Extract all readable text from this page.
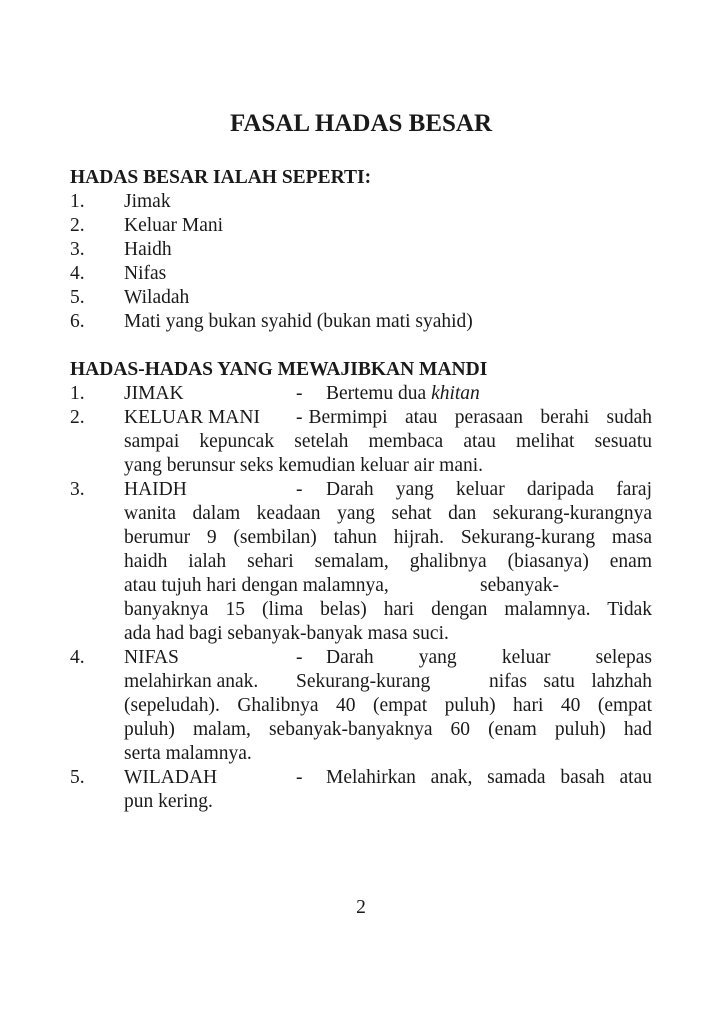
FASAL HADAS BESAR
HADAS BESAR IALAH SEPERTI:
1. Jimak
2. Keluar Mani
3. Haidh
4. Nifas
5. Wiladah
6. Mati yang bukan syahid (bukan mati syahid)
HADAS-HADAS YANG MEWAJIBKAN MANDI
1. JIMAK	- Bertemu dua khitan
2. KELUAR MANI - Bermimpi atau perasaan berahi sudah
sampai kepuncak setelah membaca atau melihat sesuatu
yang berunsur seks kemudian keluar air mani.
3. HAIDH	- Darah yang keluar daripada faraj
wanita dalam keadaan yang sehat dan sekurang-kurangnya
berumur 9 (sembilan) tahun hijrah. Sekurang-kurang masa
haidh ialah sehari semalam, ghalibnya (biasanya) enam
atau tujuh hari dengan malamnya,	sebanyak-
banyaknya 15 (lima belas) hari dengan malamnya. Tidak
ada had bagi sebanyak-banyak masa suci.
4. NIFAS	- Darah yang keluar selepas
melahirkan anak. Sekurang-kurang	nifas satu lahzhah
(sepeludah). Ghalibnya 40 (empat puluh) hari 40 (empat
puluh) malam, sebanyak-banyaknya 60 (enam puluh) had
serta malamnya.
5. WILADAH	- Melahirkan anak, samada basah atau
pun kering.
2
